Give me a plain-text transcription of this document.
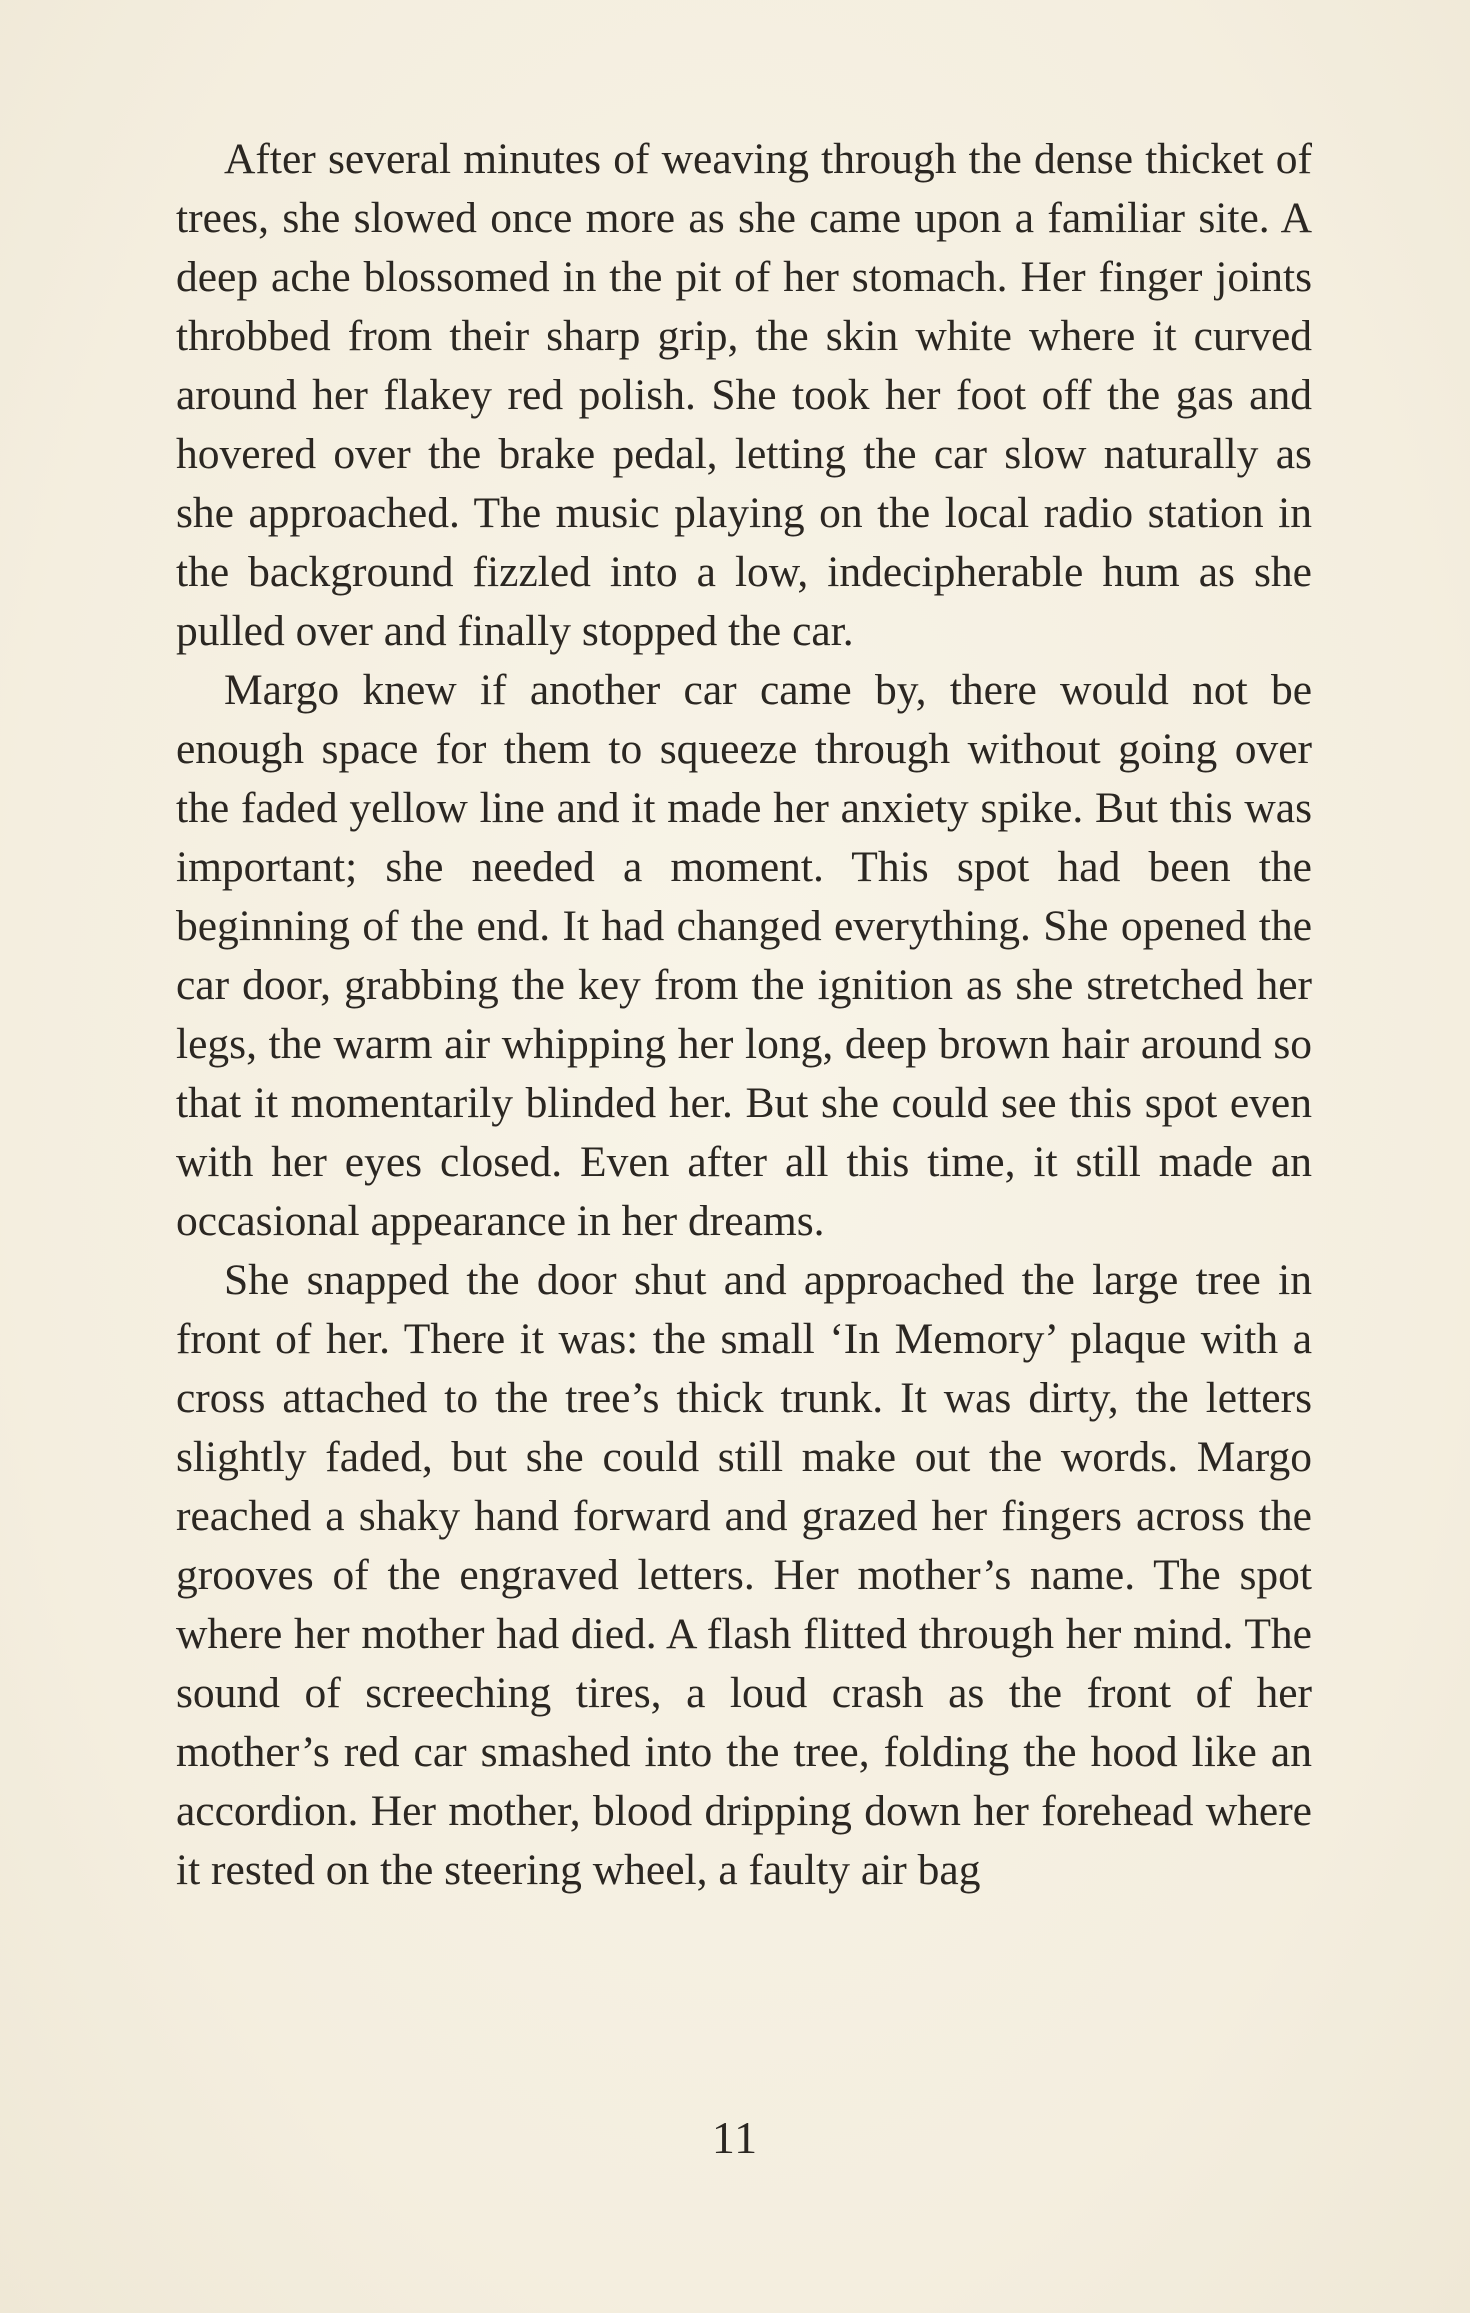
After several minutes of weaving through the dense thicket of trees, she slowed once more as she came upon a familiar site. A deep ache blossomed in the pit of her stomach. Her finger joints throbbed from their sharp grip, the skin white where it curved around her flakey red polish. She took her foot off the gas and hovered over the brake pedal, letting the car slow naturally as she approached. The music playing on the local radio station in the background fizzled into a low, indecipherable hum as she pulled over and finally stopped the car.

Margo knew if another car came by, there would not be enough space for them to squeeze through without going over the faded yellow line and it made her anxiety spike. But this was important; she needed a moment. This spot had been the beginning of the end. It had changed everything. She opened the car door, grabbing the key from the ignition as she stretched her legs, the warm air whipping her long, deep brown hair around so that it momentarily blinded her. But she could see this spot even with her eyes closed. Even after all this time, it still made an occasional appearance in her dreams.

She snapped the door shut and approached the large tree in front of her. There it was: the small ‘In Memory’ plaque with a cross attached to the tree’s thick trunk. It was dirty, the letters slightly faded, but she could still make out the words. Margo reached a shaky hand forward and grazed her fingers across the grooves of the engraved letters. Her mother’s name. The spot where her mother had died. A flash flitted through her mind. The sound of screeching tires, a loud crash as the front of her mother’s red car smashed into the tree, folding the hood like an accordion. Her mother, blood dripping down her forehead where it rested on the steering wheel, a faulty air bag

11
